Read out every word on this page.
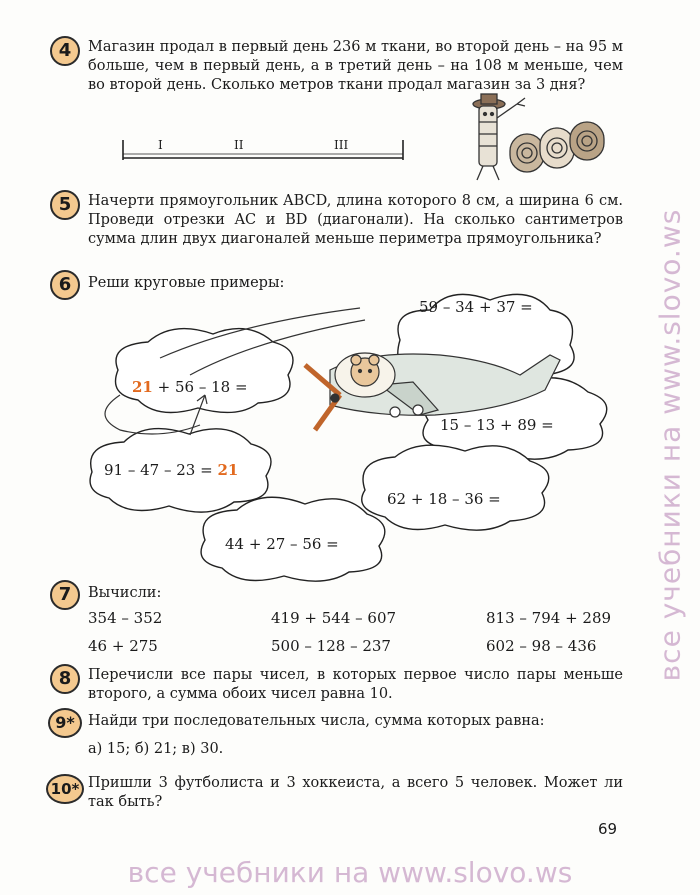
4	Магазин продал в первый день 236 м ткани, во второй день – на 95 м больше, чем в первый день, а в третий день – на 108 м меньше, чем во второй день. Сколько метров ткани продал магазин за 3 дня?
I	II	III
5	Начерти прямоугольник ABCD, длина которого 8 см, а ширина 6 см. Проведи отрезки AC и BD (диагонали). На сколько сантиметров сумма длин двух диагоналей меньше периметра прямоугольника?
6	Реши круговые примеры:
59 – 34 + 37 =
21 + 56 – 18 =
15 – 13 + 89 =
91 – 47 – 23 = 21
62 + 18 – 36 =
44 + 27 – 56 =
7	Вычисли:
354 – 352	419 + 544 – 607	813 – 794 + 289
46 + 275	500 – 128 – 237	602 – 98 – 436
8	Перечисли все пары чисел, в которых первое число пары меньше второго, а сумма обоих чисел равна 10.
9* Найди три последовательных числа, сумма которых равна:
а) 15; б) 21; в) 30.
10* Пришли 3 футболиста и 3 хоккеиста, а всего 5 человек. Может ли так быть?
69
все учебники на www.slovo.ws
все учебники на www.slovo.ws
